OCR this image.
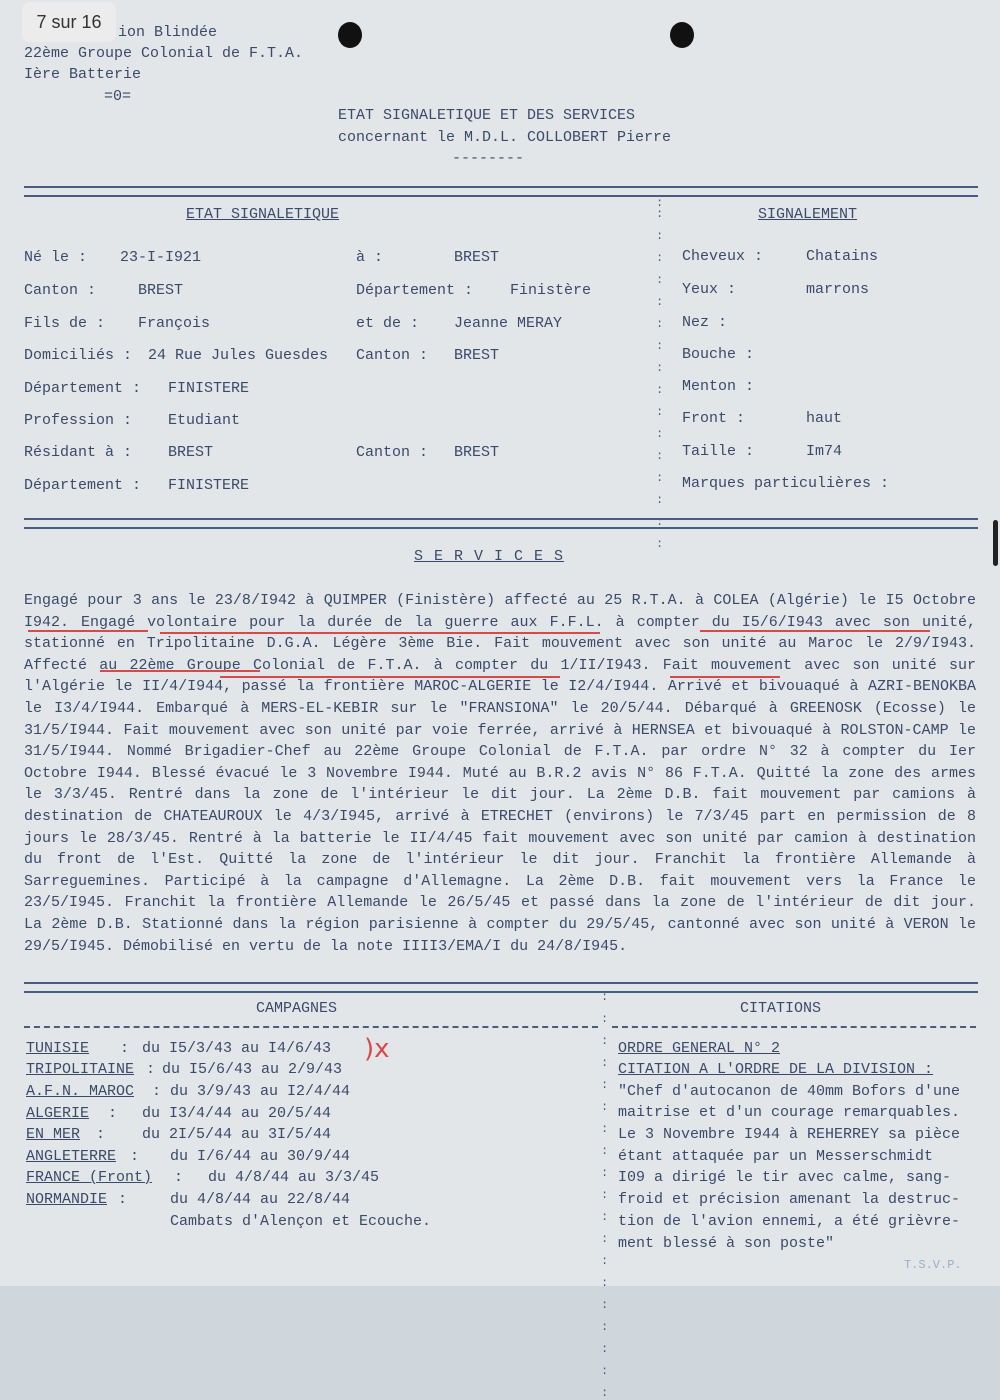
7 sur 16
ion Blindée
22ème Groupe Colonial de F.T.A.
Ière Batterie
=0=
ETAT SIGNALETIQUE ET DES SERVICES
concernant le M.D.L. COLLOBERT Pierre
--------
:
:

:

:

:

:

:

:

:

:

:

:

:

:

:

:

:
ETAT SIGNALETIQUE
Né le : 23-I-I921	à :	BREST
Canton :	BREST	Département : Finistère
Fils de : François	et de : Jeanne MERAY
Domiciliés : 24 Rue Jules Guesdes Canton : BREST
Département : FINISTERE
Profession : Etudiant
Résidant à : BREST	Canton : BREST
Département : FINISTERE
SIGNALEMENT
Cheveux :	Chatains
Yeux :	marrons
Nez :
Bouche :
Menton :
Front :	haut
Taille :	Im74
Marques particulières :
S E R V I C E S
Engagé pour 3 ans le 23/8/I942 à QUIMPER (Finistère) affecté au 25 R.T.A. à COLEA (Algérie) le I5 Octobre I942. Engagé volontaire pour la durée de la guerre aux F.F.L. à compter du I5/6/I943 avec son unité, stationné en Tripolitaine D.G.A. Légère 3ème Bie. Fait mouvement avec son unité au Maroc le 2/9/I943. Affecté au 22ème Groupe Colonial de F.T.A. à compter du 1/II/I943. Fait mouvement avec son unité sur l'Algérie le II/4/I944, passé la frontière MAROC-ALGERIE le I2/4/I944. Arrivé et bivouaqué à AZRI-BENOKBA le I3/4/I944. Embarqué à MERS-EL-KEBIR sur le "FRANSIONA" le 20/5/44. Débarqué à GREENOSK (Ecosse) le 31/5/I944. Fait mouvement avec son unité par voie ferrée, arrivé à HERNSEA et bivouaqué à ROLSTON-CAMP le 31/5/I944. Nommé Brigadier-Chef au 22ème Groupe Colonial de F.T.A. par ordre N° 32 à compter du Ier Octobre I944. Blessé évacué le 3 Novembre I944. Muté au B.R.2 avis N° 86 F.T.A. Quitté la zone des armes le 3/3/45. Rentré dans la zone de l'intérieur le dit jour. La 2ème D.B. fait mouvement par camions à destination de CHATEAUROUX le 4/3/I945, arrivé à ETRECHET (environs) le 7/3/45 part en permission de 8 jours le 28/3/45. Rentré à la batterie le II/4/45 fait mouvement avec son unité par camion à destination du front de l'Est. Quitté la zone de l'intérieur le dit jour. Franchit la frontière Allemande à Sarreguemines. Participé à la campagne d'Allemagne. La 2ème D.B. fait mouvement vers la France le 23/5/I945. Franchit la frontière Allemande le 26/5/45 et passé dans la zone de l'intérieur de dit jour. La 2ème D.B. Stationné dans la région parisienne à compter du 29/5/45, cantonné avec son unité à VERON le 29/5/I945. Démobilisé en vertu de la note IIII3/EMA/I du 24/8/I945.
CAMPAGNES
:

:

:

:

:

:

:

:

:

:

:

:

:

:

:

:

:

:

:
TUNISIE : du I5/3/43 au I4/6/43
TRIPOLITAINE : du I5/6/43 au 2/9/43
A.F.N. MAROC : du 3/9/43 au I2/4/44
ALGERIE : du I3/4/44 au 20/5/44
EN MER : du 2I/5/44 au 3I/5/44
ANGLETERRE : du I/6/44 au 30/9/44
FRANCE (Front) : du 4/8/44 au 3/3/45
NORMANDIE :	du 4/8/44 au 22/8/44
Cambats d'Alençon et Ecouche.
)x
CITATIONS
ORDRE GENERAL N° 2
CITATION A L'ORDRE DE LA DIVISION :
"Chef d'autocanon de 40mm Bofors d'une
maitrise et d'un courage remarquables.
Le 3 Novembre I944 à REHERREY sa pièce
étant attaquée par un Messerschmidt
I09 a dirigé le tir avec calme, sang-
froid et précision amenant la destruc-
tion de l'avion ennemi, a été grièvre-
ment blessé à son poste"
T.S.V.P.
